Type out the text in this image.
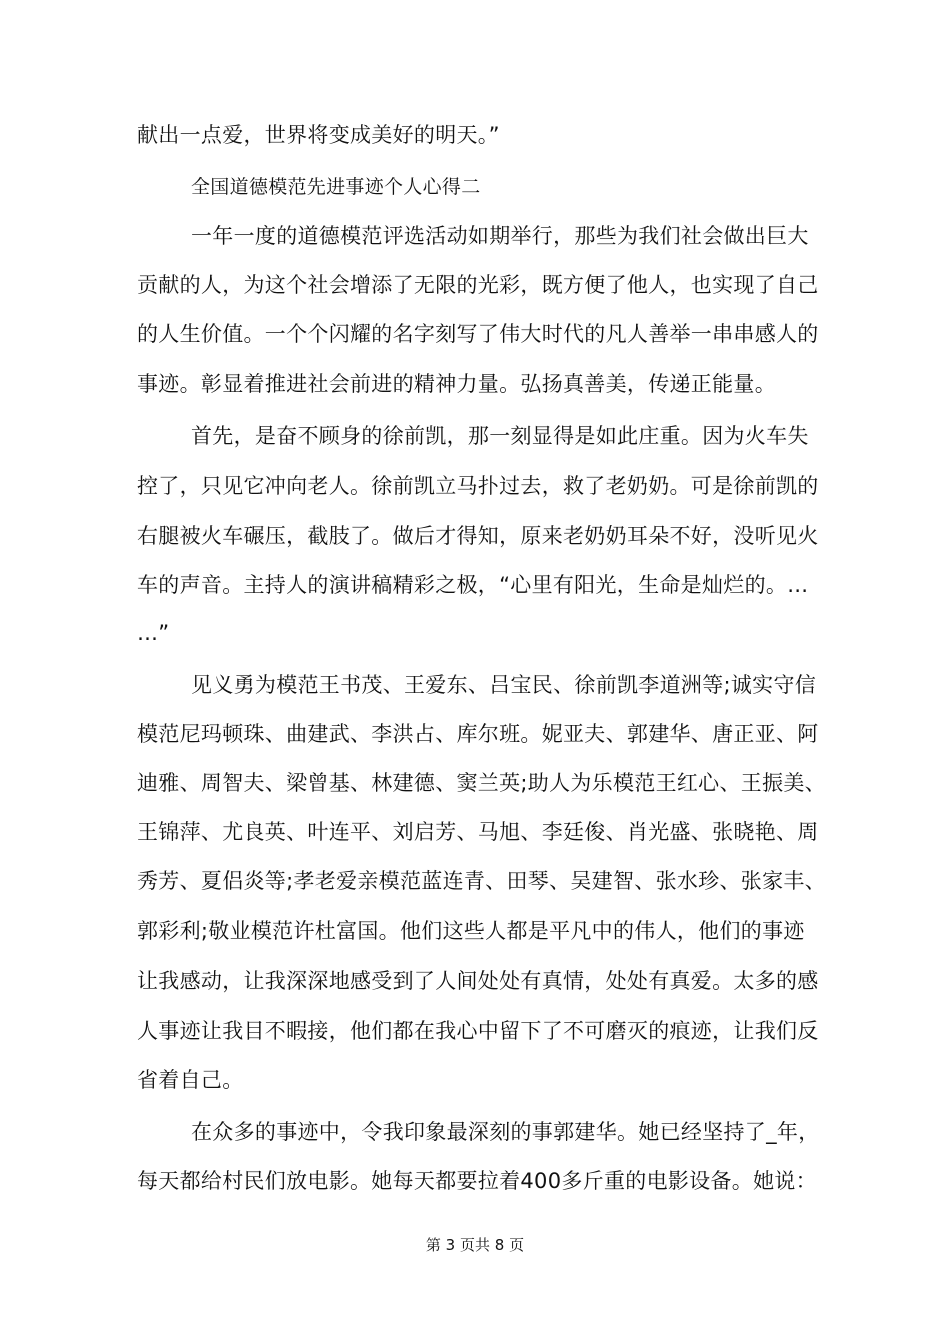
献出一点爱，世界将变成美好的明天。”
全国道德模范先进事迹个人心得二
一年一度的道德模范评选活动如期举行，那些为我们社会做出巨大
贡献的人，为这个社会增添了无限的光彩，既方便了他人，也实现了自己
的人生价值。一个个闪耀的名字刻写了伟大时代的凡人善举一串串感人的
事迹。彰显着推进社会前进的精神力量。弘扬真善美，传递正能量。
首先，是奋不顾身的徐前凯，那一刻显得是如此庄重。因为火车失
控了，只见它冲向老人。徐前凯立马扑过去，救了老奶奶。可是徐前凯的
右腿被火车碾压，截肢了。做后才得知，原来老奶奶耳朵不好，没听见火
车的声音。主持人的演讲稿精彩之极，“心里有阳光，生命是灿烂的。…
…”
见义勇为模范王书茂、王爱东、吕宝民、徐前凯李道洲等;诚实守信
模范尼玛顿珠、曲建武、李洪占、库尔班。妮亚夫、郭建华、唐正亚、阿
迪雅、周智夫、梁曾基、林建德、窦兰英;助人为乐模范王红心、王振美、
王锦萍、尤良英、叶连平、刘启芳、马旭、李廷俊、肖光盛、张晓艳、周
秀芳、夏侣炎等;孝老爱亲模范蓝连青、田琴、吴建智、张水珍、张家丰、
郭彩利;敬业模范许杜富国。他们这些人都是平凡中的伟人，他们的事迹
让我感动，让我深深地感受到了人间处处有真情，处处有真爱。太多的感
人事迹让我目不暇接，他们都在我心中留下了不可磨灭的痕迹，让我们反
省着自己。
在众多的事迹中，令我印象最深刻的事郭建华。她已经坚持了_年，
每天都给村民们放电影。她每天都要拉着400多斤重的电影设备。她说：
第 3 页共 8 页
